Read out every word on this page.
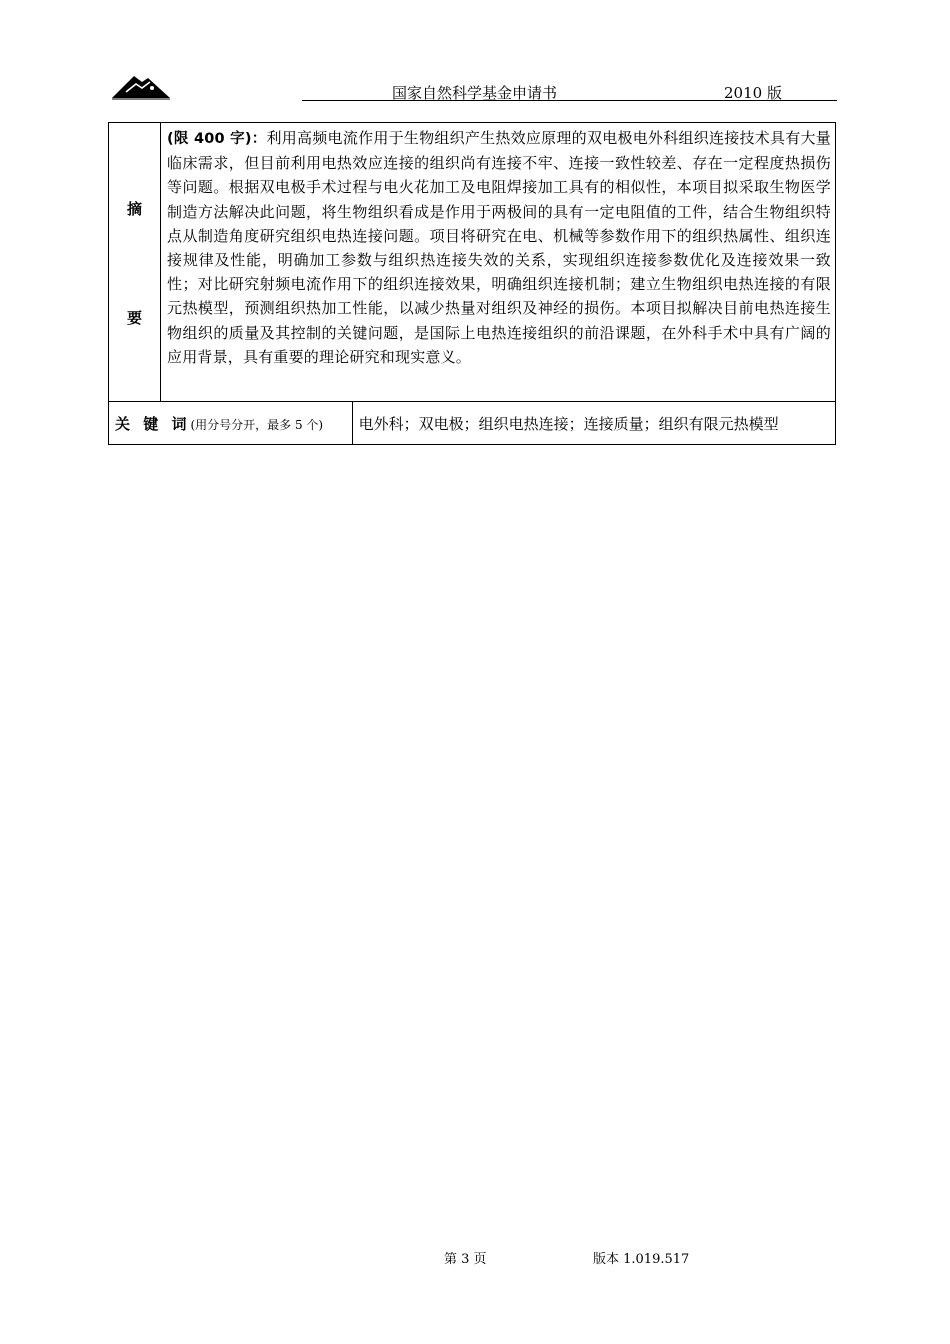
国家自然科学基金申请书	2010 版
摘
要	(限 400 字)：利用高频电流作用于生物组织产生热效应原理的双电极电外科组织连接技术具有大量临床需求，但目前利用电热效应连接的组织尚有连接不牢、连接一致性较差、存在一定程度热损伤等问题。根据双电极手术过程与电火花加工及电阻焊接加工具有的相似性，本项目拟采取生物医学制造方法解决此问题，将生物组织看成是作用于两极间的具有一定电阻值的工件，结合生物组织特点从制造角度研究组织电热连接问题。项目将研究在电、机械等参数作用下的组织热属性、组织连接规律及性能，明确加工参数与组织热连接失效的关系，实现组织连接参数优化及连接效果一致性；对比研究射频电流作用下的组织连接效果，明确组织连接机制；建立生物组织电热连接的有限元热模型，预测组织热加工性能，以减少热量对组织及神经的损伤。本项目拟解决目前电热连接生物组织的质量及其控制的关键问题，是国际上电热连接组织的前沿课题，在外科手术中具有广阔的应用背景，具有重要的理论研究和现实意义。	

关 键 词(用分号分开，最多 5 个)		电外科；双电极；组织电热连接；连接质量；组织有限元热模型
第 3 页	版本 1.019.517
